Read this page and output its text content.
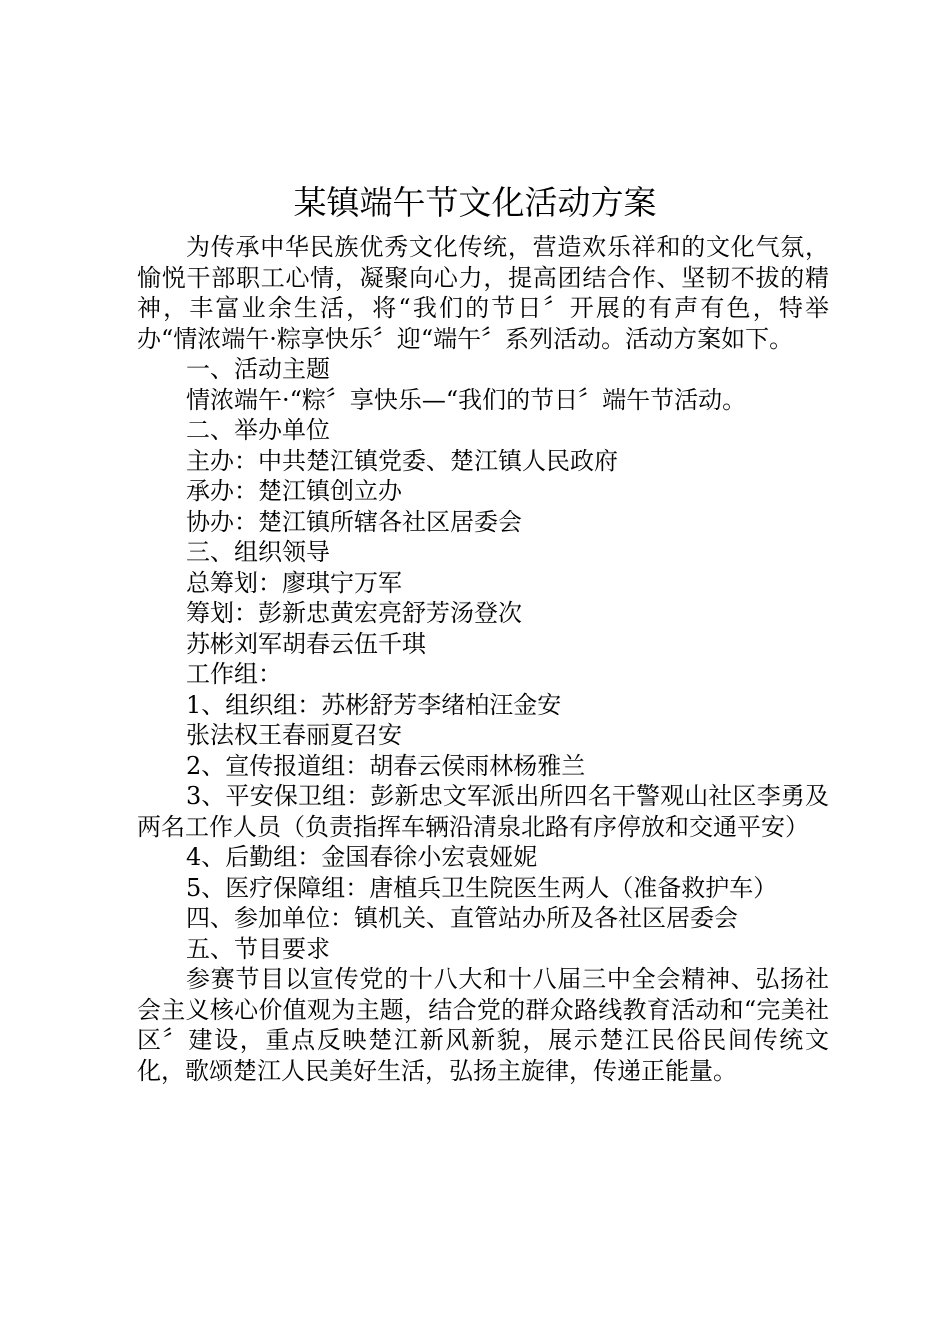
某镇端午节文化活动方案

为传承中华民族优秀文化传统，营造欢乐祥和的文化气氛，愉悦干部职工心情，凝聚向心力，提高团结合作、坚韧不拔的精神，丰富业余生活，将“我们的节日〞开展的有声有色，特举办“情浓端午·粽享快乐〞迎“端午〞系列活动。活动方案如下。

一、活动主题

情浓端午·“粽〞享快乐—“我们的节日〞端午节活动。

二、举办单位

主办：中共楚江镇党委、楚江镇人民政府

承办：楚江镇创立办

协办：楚江镇所辖各社区居委会

三、组织领导

总筹划：廖琪宁万军

筹划：彭新忠黄宏亮舒芳汤登次

苏彬刘军胡春云伍千琪

工作组：

1、组织组：苏彬舒芳李绪柏汪金安

张法权王春丽夏召安

2、宣传报道组：胡春云侯雨林杨雅兰

3、平安保卫组：彭新忠文军派出所四名干警观山社区李勇及两名工作人员（负责指挥车辆沿清泉北路有序停放和交通平安）

4、后勤组：金国春徐小宏袁娅妮

5、医疗保障组：唐植兵卫生院医生两人（准备救护车）

四、参加单位：镇机关、直管站办所及各社区居委会

五、节目要求

参赛节目以宣传党的十八大和十八届三中全会精神、弘扬社会主义核心价值观为主题，结合党的群众路线教育活动和“完美社区〞建设，重点反映楚江新风新貌，展示楚江民俗民间传统文化，歌颂楚江人民美好生活，弘扬主旋律，传递正能量。
